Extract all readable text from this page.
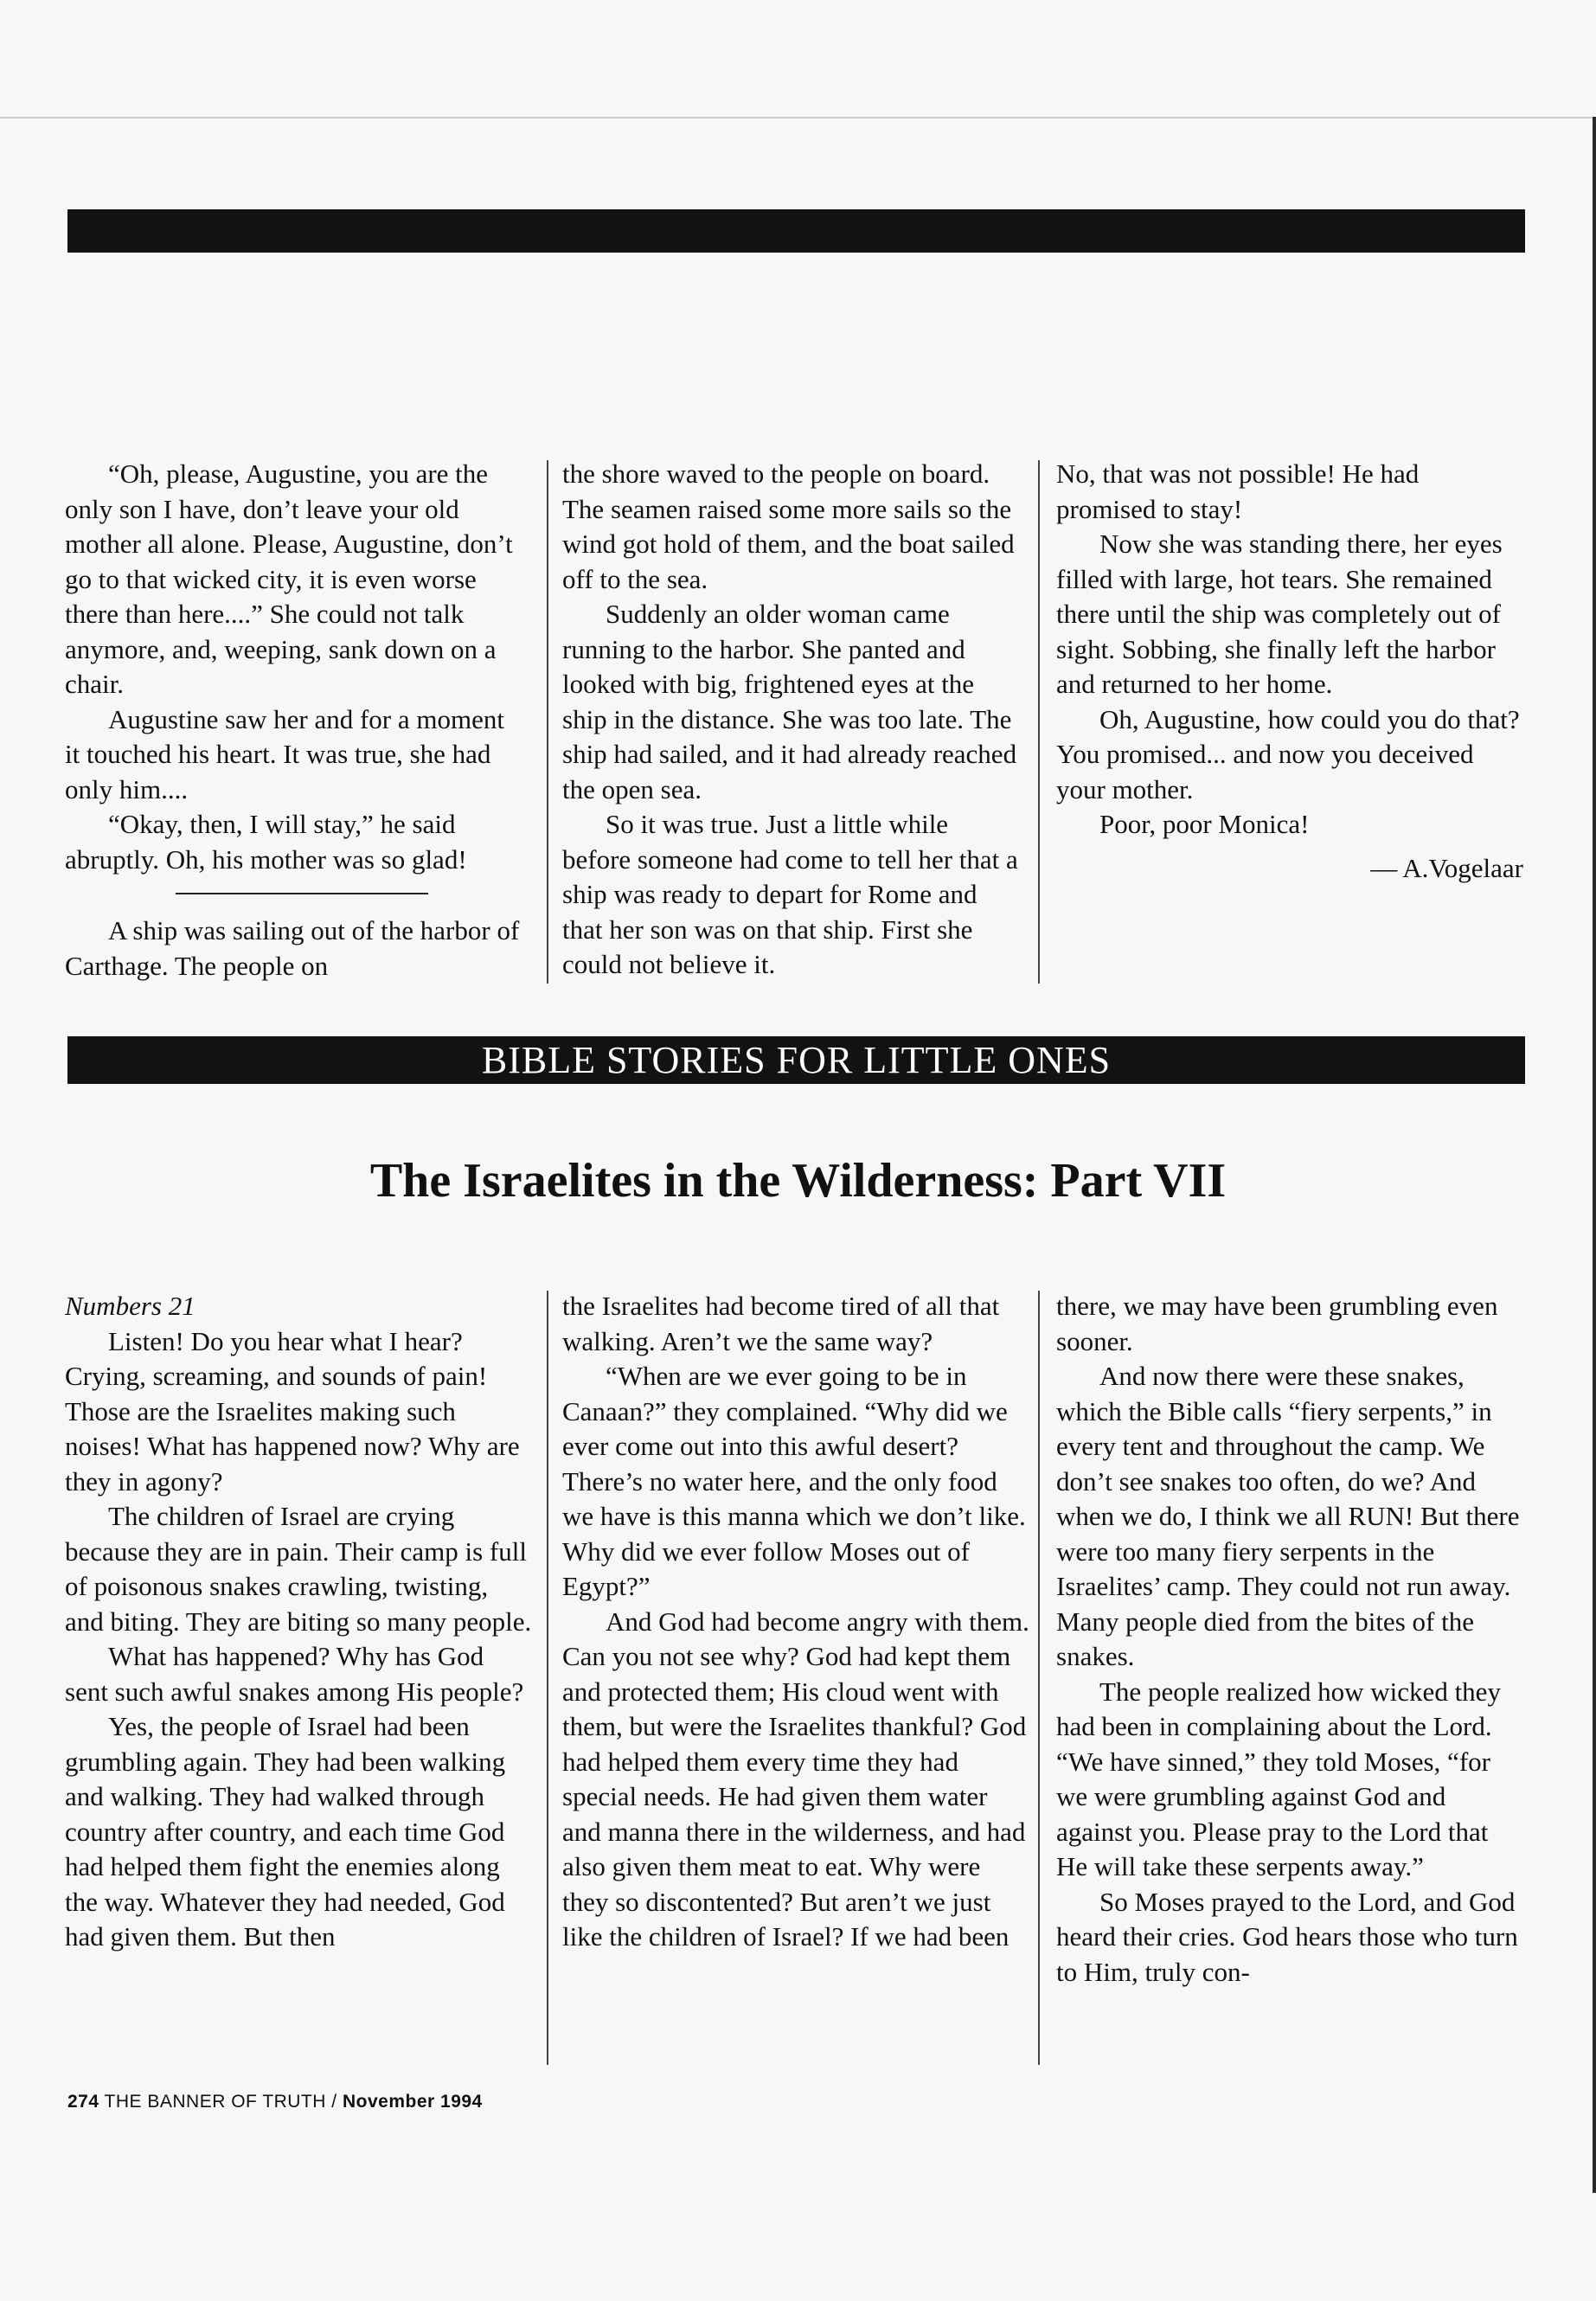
“Oh, please, Augustine, you are the only son I have, don’t leave your old mother all alone. Please, Augustine, don’t go to that wicked city, it is even worse there than here....” She could not talk anymore, and, weeping, sank down on a chair.

Augustine saw her and for a moment it touched his heart. It was true, she had only him....

“Okay, then, I will stay,” he said abruptly. Oh, his mother was so glad!

A ship was sailing out of the harbor of Carthage. The people on

the shore waved to the people on board. The seamen raised some more sails so the wind got hold of them, and the boat sailed off to the sea.

Suddenly an older woman came running to the harbor. She panted and looked with big, frightened eyes at the ship in the distance. She was too late. The ship had sailed, and it had already reached the open sea.

So it was true. Just a little while before someone had come to tell her that a ship was ready to depart for Rome and that her son was on that ship. First she could not believe it.

No, that was not possible! He had promised to stay!

Now she was standing there, her eyes filled with large, hot tears. She remained there until the ship was completely out of sight. Sobbing, she finally left the harbor and returned to her home.

Oh, Augustine, how could you do that? You promised... and now you deceived your mother.

Poor, poor Monica!

— A.Vogelaar

BIBLE STORIES FOR LITTLE ONES
The Israelites in the Wilderness: Part VII

Numbers 21

Listen! Do you hear what I hear? Crying, screaming, and sounds of pain! Those are the Israelites making such noises! What has happened now? Why are they in agony?

The children of Israel are crying because they are in pain. Their camp is full of poisonous snakes crawling, twisting, and biting. They are biting so many people.

What has happened? Why has God sent such awful snakes among His people?

Yes, the people of Israel had been grumbling again. They had been walking and walking. They had walked through country after country, and each time God had helped them fight the enemies along the way. Whatever they had needed, God had given them. But then

the Israelites had become tired of all that walking. Aren’t we the same way?

“When are we ever going to be in Canaan?” they complained. “Why did we ever come out into this awful desert? There’s no water here, and the only food we have is this manna which we don’t like. Why did we ever follow Moses out of Egypt?”

And God had become angry with them. Can you not see why? God had kept them and protected them; His cloud went with them, but were the Israelites thankful? God had helped them every time they had special needs. He had given them water and manna there in the wilderness, and had also given them meat to eat. Why were they so discontented? But aren’t we just like the children of Israel? If we had been

there, we may have been grumbling even sooner.

And now there were these snakes, which the Bible calls “fiery serpents,” in every tent and throughout the camp. We don’t see snakes too often, do we? And when we do, I think we all RUN! But there were too many fiery serpents in the Israelites’ camp. They could not run away. Many people died from the bites of the snakes.

The people realized how wicked they had been in complaining about the Lord. “We have sinned,” they told Moses, “for we were grumbling against God and against you. Please pray to the Lord that He will take these serpents away.”

So Moses prayed to the Lord, and God heard their cries. God hears those who turn to Him, truly con-

274 THE BANNER OF TRUTH / November 1994
